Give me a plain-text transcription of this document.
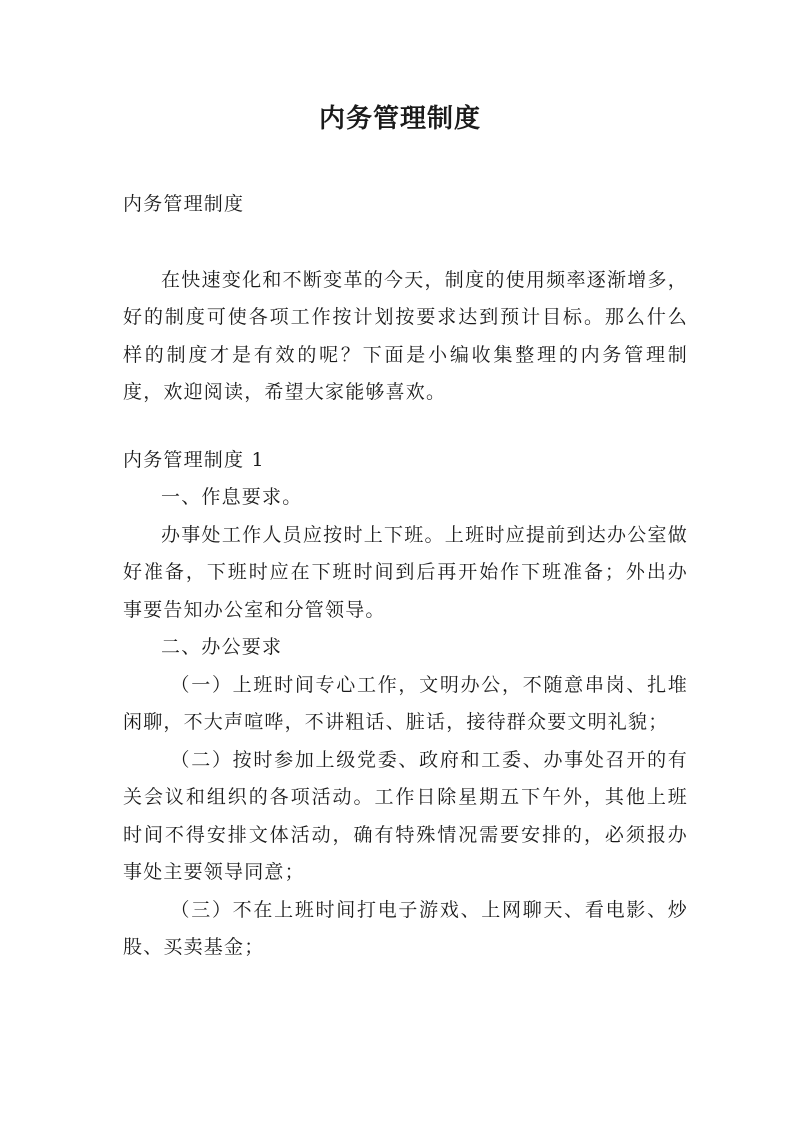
内务管理制度

内务管理制度

在快速变化和不断变革的今天，制度的使用频率逐渐增多，好的制度可使各项工作按计划按要求达到预计目标。那么什么样的制度才是有效的呢？下面是小编收集整理的内务管理制度，欢迎阅读，希望大家能够喜欢。

内务管理制度 1

一、作息要求。

办事处工作人员应按时上下班。上班时应提前到达办公室做好准备，下班时应在下班时间到后再开始作下班准备；外出办事要告知办公室和分管领导。

二、办公要求

（一）上班时间专心工作，文明办公，不随意串岗、扎堆闲聊，不大声喧哗，不讲粗话、脏话，接待群众要文明礼貌；

（二）按时参加上级党委、政府和工委、办事处召开的有关会议和组织的各项活动。工作日除星期五下午外，其他上班时间不得安排文体活动，确有特殊情况需要安排的，必须报办事处主要领导同意；

（三）不在上班时间打电子游戏、上网聊天、看电影、炒股、买卖基金；
